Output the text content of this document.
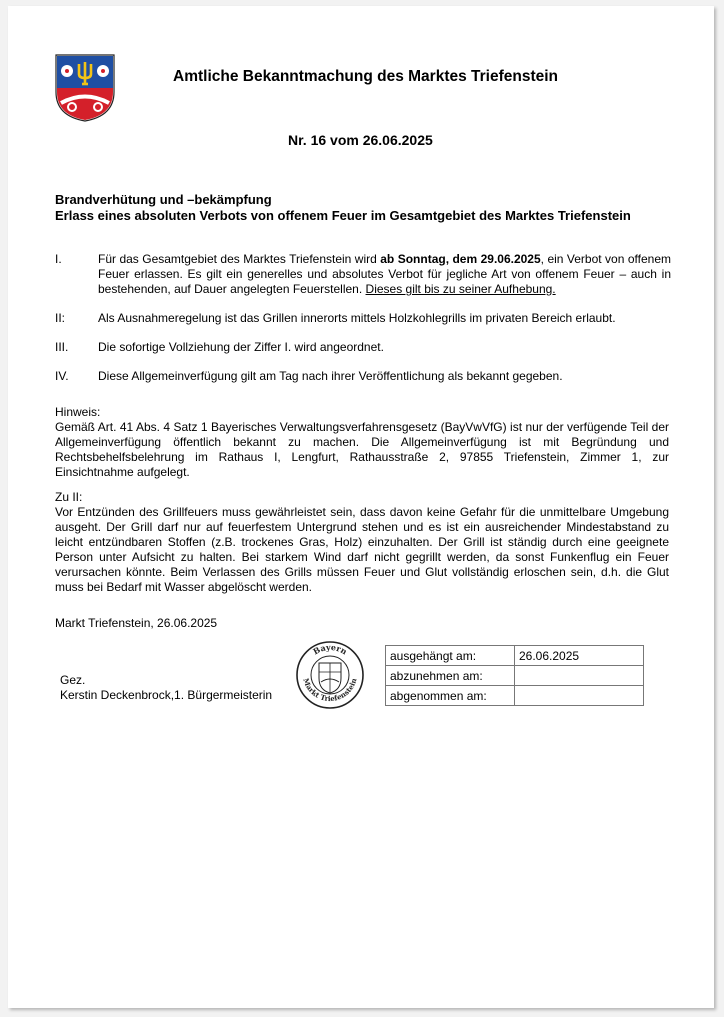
Amtliche Bekanntmachung des Marktes Triefenstein
Nr. 16 vom 26.06.2025
Brandverhütung und –bekämpfung
Erlass eines absoluten Verbots von offenem Feuer im Gesamtgebiet des Marktes Triefenstein
I.	Für das Gesamtgebiet des Marktes Triefenstein wird ab Sonntag, dem 29.06.2025, ein Verbot von offenem Feuer erlassen. Es gilt ein generelles und absolutes Verbot für jegliche Art von offenem Feuer – auch in bestehenden, auf Dauer angelegten Feuerstellen. Dieses gilt bis zu seiner Aufhebung.
II:	Als Ausnahmeregelung ist das Grillen innerorts mittels Holzkohlegrills im privaten Bereich erlaubt.
III.	Die sofortige Vollziehung der Ziffer I. wird angeordnet.
IV.	Diese Allgemeinverfügung gilt am Tag nach ihrer Veröffentlichung als bekannt gegeben.
Hinweis:
Gemäß Art. 41 Abs. 4 Satz 1 Bayerisches Verwaltungsverfahrensgesetz (BayVwVfG) ist nur der verfügende Teil der Allgemeinverfügung öffentlich bekannt zu machen. Die Allgemeinverfügung ist mit Begründung und Rechtsbehelfsbelehrung im Rathaus I, Lengfurt, Rathausstraße 2, 97855 Triefenstein, Zimmer 1, zur Einsichtnahme aufgelegt.
Zu II:
Vor Entzünden des Grillfeuers muss gewährleistet sein, dass davon keine Gefahr für die unmittelbare Umgebung ausgeht. Der Grill darf nur auf feuerfestem Untergrund stehen und es ist ein ausreichender Mindestabstand zu leicht entzündbaren Stoffen (z.B. trockenes Gras, Holz) einzuhalten. Der Grill ist ständig durch eine geeignete Person unter Aufsicht zu halten. Bei starkem Wind darf nicht gegrillt werden, da sonst Funkenflug ein Feuer verursachen könnte. Beim Verlassen des Grills müssen Feuer und Glut vollständig erloschen sein, d.h. die Glut muss bei Bedarf mit Wasser abgelöscht werden.
Markt Triefenstein, 26.06.2025
Gez.
Kerstin Deckenbrock,1. Bürgermeisterin
Bayern
Markt Triefenstein
ausgehängt am:	26.06.2025
abzunehmen am:	
abgenommen am:	
